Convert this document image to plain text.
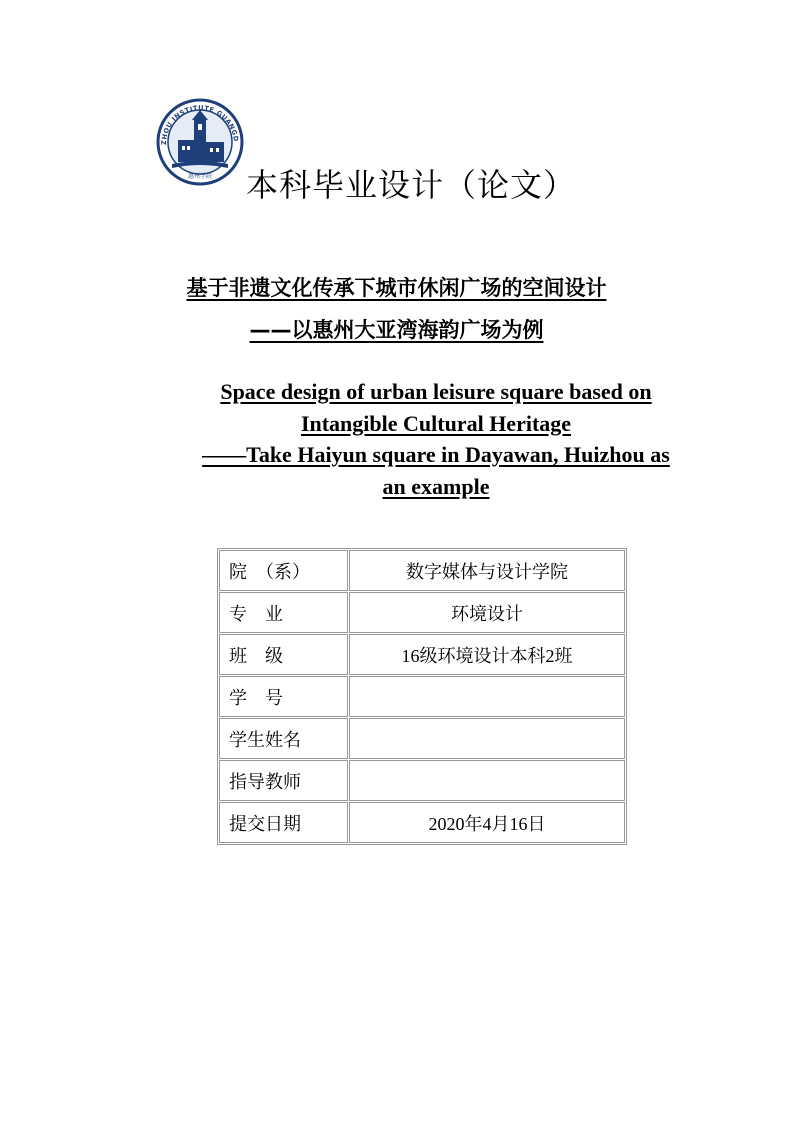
ZHOU INSTITUTE GUANGD
惠州学院 本科毕业设计（论文）
基于非遗文化传承下城市休闲广场的空间设计
——以惠州大亚湾海韵广场为例
Space design of urban leisure square based on
Intangible Cultural Heritage
——Take Haiyun square in Dayawan, Huizhou as
an example
院  （系）	数字媒体与设计学院
专    业	环境设计
班    级	16级环境设计本科2班
学    号	
学生姓名	
指导教师	
提交日期	2020年4月16日
